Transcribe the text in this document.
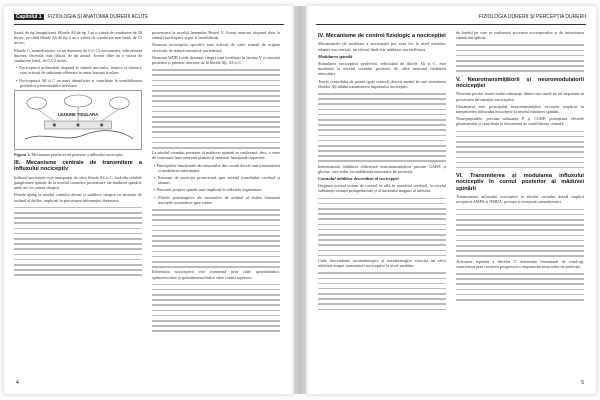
Capitolul 1 FIZIOLOGIA ȘI ANATOMIA DURERII ACUTE

lizată, de tip luxupitivară. Fibrele Aδ de tip 1 au o viteză de conducere de 30 m/sec, pe când fibrele Aδ de tip 2 au o viteză de conducere mai lentă, de 15 m/sec;

Fibrele C, nemielinizate, cu un diametru de 0,2-1,5 micrometri, vehiculează durerea viscerală, mai difuză, de tip arsură. Aceste fibre au o viteză de conducere lentă, de 0,5-2 m/sec.

• Nociceptorii polimodali răspund la stimuli mecanici, termici și chimici; sunt activați de substanțe eliberate în urma leziunii tisulare.

• Nociceptorii Aβ și C au mari identificări și contribuie la sensibilizarea periferică a terminațiilor nervoase.

LEZIUNE TISULARA
Figura 1. Mecanisme periferice de generare a influxului nociceptiv.
III. Mecanisme centrale de transmitere a influxului nociceptiv

Influxul nociceptiv este transportat de către fibrele Aδ și C, încă din celulele ganglionare spinale de la nivelul coarnelor posterioare ale măduvei spinării, unde are loc prima sinapsă.

Fibrele ajung la nivelul cornului dorsal și stabilesc sinapse cu neuronii de ordinul al doilea, implicați în procesarea informației dureroase.

posterioară la nivelul laminelor Rexed V. Acești neuroni răspund doar la stimuli nociceptivi și pot fi sensibilizați.

Neuronii nociceptivi specifici sunt activați de către stimuli de origine viscerală, de natură mecanică sau termică.

Neuronii WDR (wide dynamic range) sunt localizați în lamina V a cornului posterior și primesc aferențe de la fibrele Aβ, Aδ și C.

La nivelul cornului posterior al măduvei spinării se realizează, deci, o serie de conexiuni între neuronii primari și neuronii funcționali superiori.

• Principalele funcționale ale neuronilor din cornul dorsal sunt transmiterea și modularea informației.

• Neuronii de proiecție proiectează spre nivelul trunchiului cerebral și talamic.

• Neuronii proprio-spinali sunt implicați în reflexele segmentare.

• Fibrele postsinaptice ale neuronilor de ordinul al doilea formează tracturile ascendente spre cortex.

Informația nociceptivă este transmisă prin căile spinotalamice, spinoreticulare și spinomezencefalice către centrii superiori.

4
FIZIOLOGIA DURERII ȘI PERCEPȚIA DURERII
IV. Mecanisme de control fiziologic a nocicepției

Mecanismele de modulare a nocicepției pot avea loc la nivel medular, talamic sau cortical, iar efectul final este inhibitor sau facilitator.

Modularea spinală

Stimularea nociceptivă periferică, vehiculată de fibrele Aδ și C, este modulată la nivelul cornului posterior de către neuronii inhibitori intercalari.

Teoria controlului de poartă (gate control) descrie modul în care stimularea fibrelor Aβ inhibă transmiterea impulsului nociceptiv.

Interneuronii inhibitori eliberează neurotransmițători precum GABA și glicina, care reduc excitabilitatea neuronilor de proiecție.

Controlul inhibitor descendent al nocicepției

Originea acestui sistem de control se află în trunchiul cerebral, la nivelul substanței cenușii periapeductale și al nucleului magnus al rafeului.

Căile descendente serotoninergice și noradrenergice exercită un efect inhibitor asupra transmiterii nociceptive la nivel medular.

de fondul pe care se realizează activarea nociceptorilor și de intensitatea stimulului aplicat.

V. Neurotransmițătorii și neuromodulatorii nocicepției

Neuronii produc foarte multe substanțe, dintre care unele au rol important în procesarea informației nociceptive.

Glutamatul este principalul neurotransmițător excitator implicat în transmiterea influxului nociceptiv la nivelul măduvei spinării.

Neuropeptidele, precum substanța P și CGRP, potențează efectele glutamatului și contribuie la fenomenul de sensibilizare centrală.

VI. Transmiterea și modularea influxului nociceptiv în cornul posterior al măduvei spinării

Transmiterea influxului nociceptiv la nivelul cornului dorsal implică receptorii AMPA și NMDA, precum și receptorii neurokininici.

Activarea repetată a fibrelor C determină fenomenul de wind-up, caracterizat prin creșterea progresivă a răspunsului neuronilor de proiecție.

5
